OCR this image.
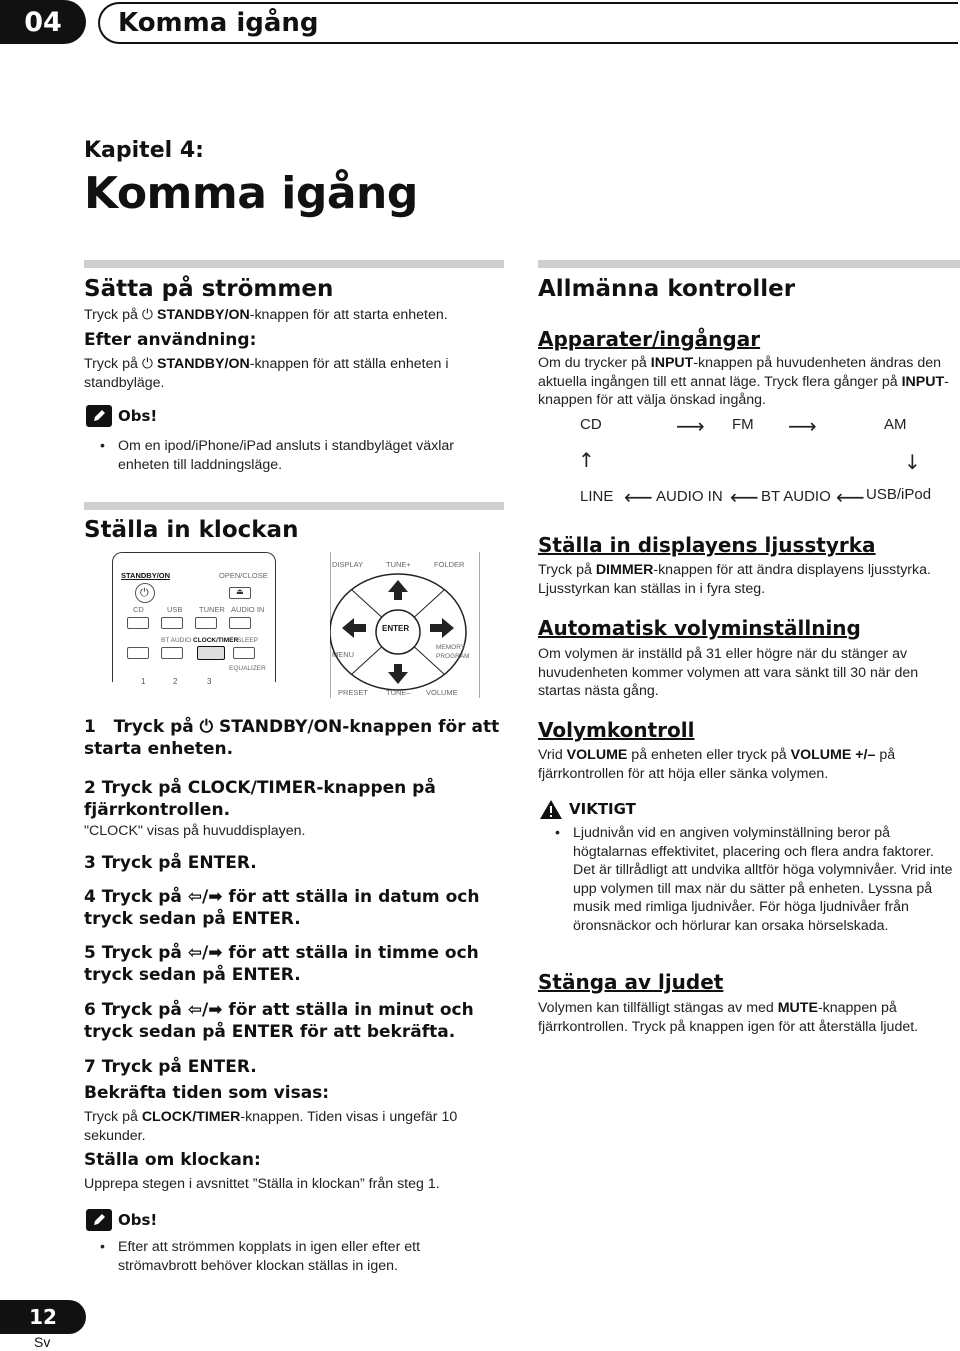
04	Komma igång
Kapitel 4:
Komma igång
Sätta på strömmen
Tryck på ⏻ STANDBY/ON-knappen för att starta enheten.
Efter användning:
Tryck på ⏻ STANDBY/ON-knappen för att ställa enheten i standbyläge.
Obs!
• Om en ipod/iPhone/iPad ansluts i standbyläget växlar enheten till laddningsläge.
Ställa in klockan
STANDBY/ON	OPEN/CLOSE
⏻	⏏
CD	USB TUNER AUDIO IN
BT AUDIO CLOCK/TIMER
SLEEP
EQUALIZER
1	2	3
DISPLAY	TUNE+	FOLDER
ENTER
MENU
MEMORY
PROGRAM
PRESET TUNE– VOLUME
1 Tryck på ⏻ STANDBY/ON-knappen för att starta enheten.
2 Tryck på CLOCK/TIMER-knappen på fjärrkontrollen.
"CLOCK" visas på huvuddisplayen.
3 Tryck på ENTER.
4 Tryck på ⇦/➡ för att ställa in datum och tryck sedan på ENTER.
5 Tryck på ⇦/➡ för att ställa in timme och tryck sedan på ENTER.
6 Tryck på ⇦/➡ för att ställa in minut och tryck sedan på ENTER för att bekräfta.
7 Tryck på ENTER.
Bekräfta tiden som visas:
Tryck på CLOCK/TIMER-knappen. Tiden visas i ungefär 10 sekunder.
Ställa om klockan:
Upprepa stegen i avsnittet ”Ställa in klockan” från steg 1.
Obs!
• Efter att strömmen kopplats in igen eller efter ett strömavbrott behöver klockan ställas in igen.
Allmänna kontroller
Apparater/ingångar
Om du trycker på INPUT-knappen på huvudenheten ändras den aktuella ingången till ett annat läge. Tryck flera gånger på INPUT-knappen för att välja önskad ingång.
CD	⟶ FM ⟶	AM
↑	↓
LINE ⟵ AUDIO IN ⟵ BT AUDIO ⟵ USB/iPod
Ställa in displayens ljusstyrka
Tryck på DIMMER-knappen för att ändra displayens ljusstyrka. Ljusstyrkan kan ställas in i fyra steg.
Automatisk volyminställning
Om volymen är inställd på 31 eller högre när du stänger av huvudenheten kommer volymen att vara sänkt till 30 när den startas nästa gång.
Volymkontroll
Vrid VOLUME på enheten eller tryck på VOLUME +/– på fjärrkontrollen för att höja eller sänka volymen.
VIKTIGT
• Ljudnivån vid en angiven volyminställning beror på högtalarnas effektivitet, placering och flera andra faktorer. Det är tillrådligt att undvika alltför höga volymnivåer. Vrid inte upp volymen till max när du sätter på enheten. Lyssna på musik med rimliga ljudnivåer. För höga ljudnivåer från öronsnäckor och hörlurar kan orsaka hörselskada.
Stänga av ljudet
Volymen kan tillfälligt stängas av med MUTE-knappen på fjärrkontrollen. Tryck på knappen igen för att återställa ljudet.
12
Sv
